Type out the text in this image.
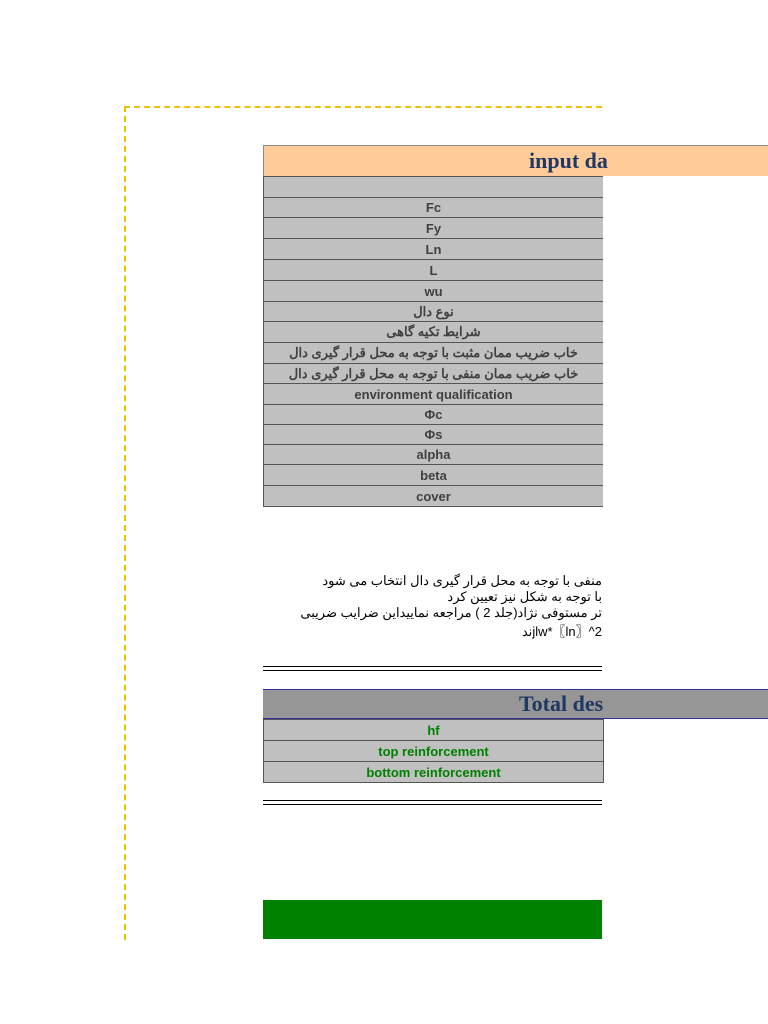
input da

Fc
Fy
Ln
L
wu
نوع دال
شرایط تکیه گاهی
خاب ضریب ممان مثبت با توجه به محل قرار گیری دال
خاب ضریب ممان منفی با توجه به محل قرار گیری دال
environment qualification
Φc
Φs
alpha
beta
cover
منفی با توجه به محل قرار گیری دال انتخاب می شود
با توجه به شکل نیز تعیین کرد
تر مستوفی نژاد(جلد 2 ) مراجعه نمایید‌این ضرایب ضریبی
jlw*〖ln〗^2ند
Total des
hf
top reinforcement
bottom reinforcement
